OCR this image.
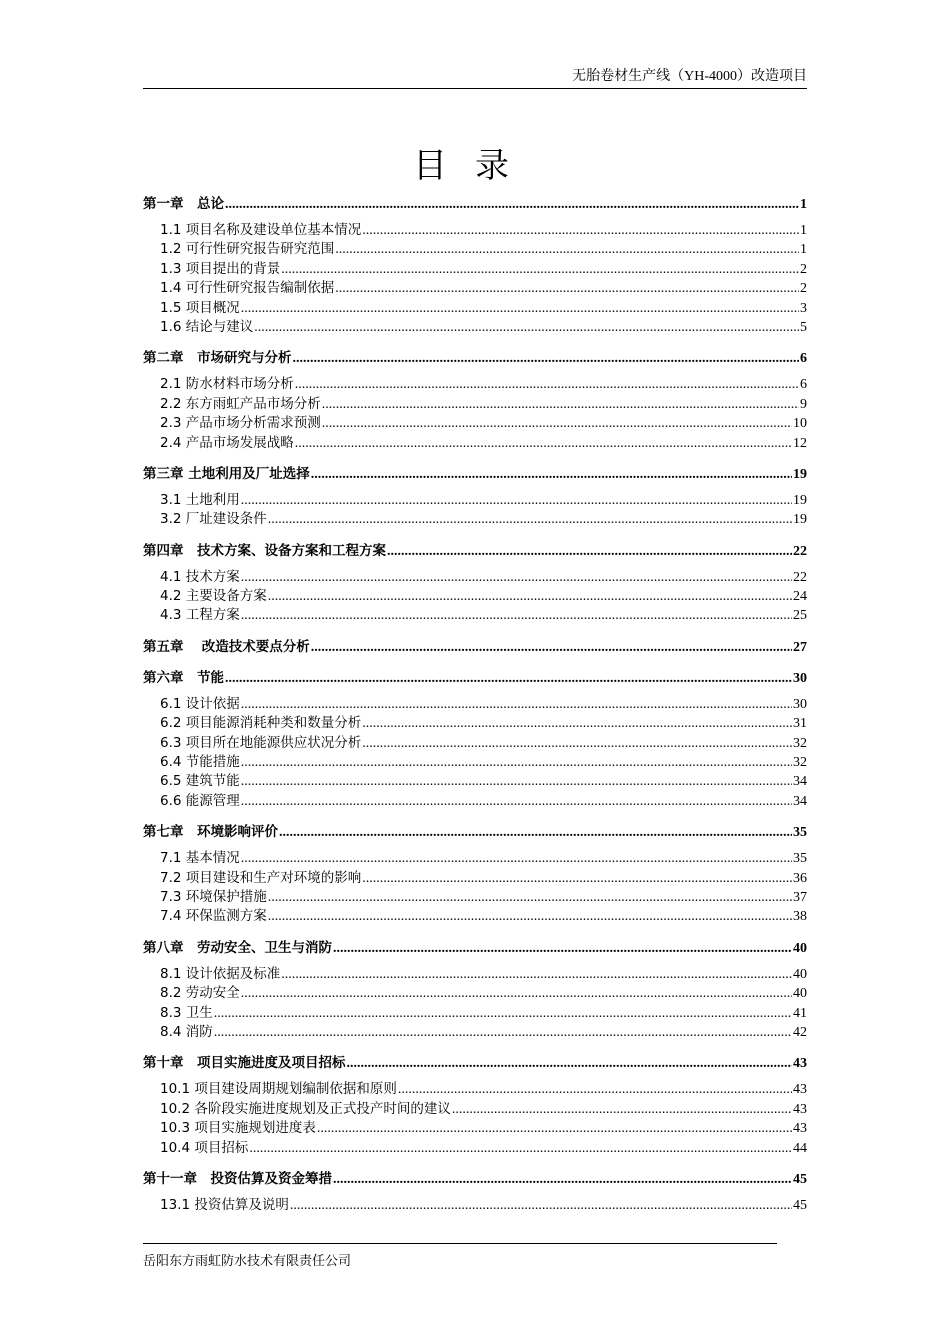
无胎卷材生产线（YH-4000）改造项目
目录
第一章　总论 .....	1
1.1 项目名称及建设单位基本情况 .....	1
1.2 可行性研究报告研究范围 .....	1
1.3 项目提出的背景 .....	2
1.4 可行性研究报告编制依据 .....	2
1.5 项目概况 .....	3
1.6 结论与建议 .....	5
第二章　市场研究与分析 .....	6
2.1 防水材料市场分析 .....	6
2.2 东方雨虹产品市场分析 .....	9
2.3 产品市场分析需求预测 .....	10
2.4 产品市场发展战略 .....	12
第三章 土地利用及厂址选择 .....	19
3.1 土地利用 .....	19
3.2 厂址建设条件 .....	19
第四章　技术方案、设备方案和工程方案 .....	22
4.1 技术方案 .....	22
4.2 主要设备方案 .....	24
4.3 工程方案 .....	25
第五章　 改造技术要点分析 .....	27
第六章　节能 .....	30
6.1 设计依据 .....	30
6.2 项目能源消耗种类和数量分析 .....	31
6.3 项目所在地能源供应状况分析 .....	32
6.4 节能措施 .....	32
6.5 建筑节能 .....	34
6.6 能源管理 .....	34
第七章　环境影响评价 .....	35
7.1 基本情况 .....	35
7.2 项目建设和生产对环境的影响 .....	36
7.3 环境保护措施 .....	37
7.4 环保监测方案 .....	38
第八章　劳动安全、卫生与消防 .....	40
8.1 设计依据及标准 .....	40
8.2 劳动安全 .....	40
8.3 卫生 .....	41
8.4 消防 .....	42
第十章　项目实施进度及项目招标 .....	43
10.1 项目建设周期规划编制依据和原则 .....	43
10.2 各阶段实施进度规划及正式投产时间的建议 .....	43
10.3 项目实施规划进度表 .....	43
10.4 项目招标 .....	44
第十一章　投资估算及资金筹措 .....	45
13.1 投资估算及说明 .....	45
岳阳东方雨虹防水技术有限责任公司
